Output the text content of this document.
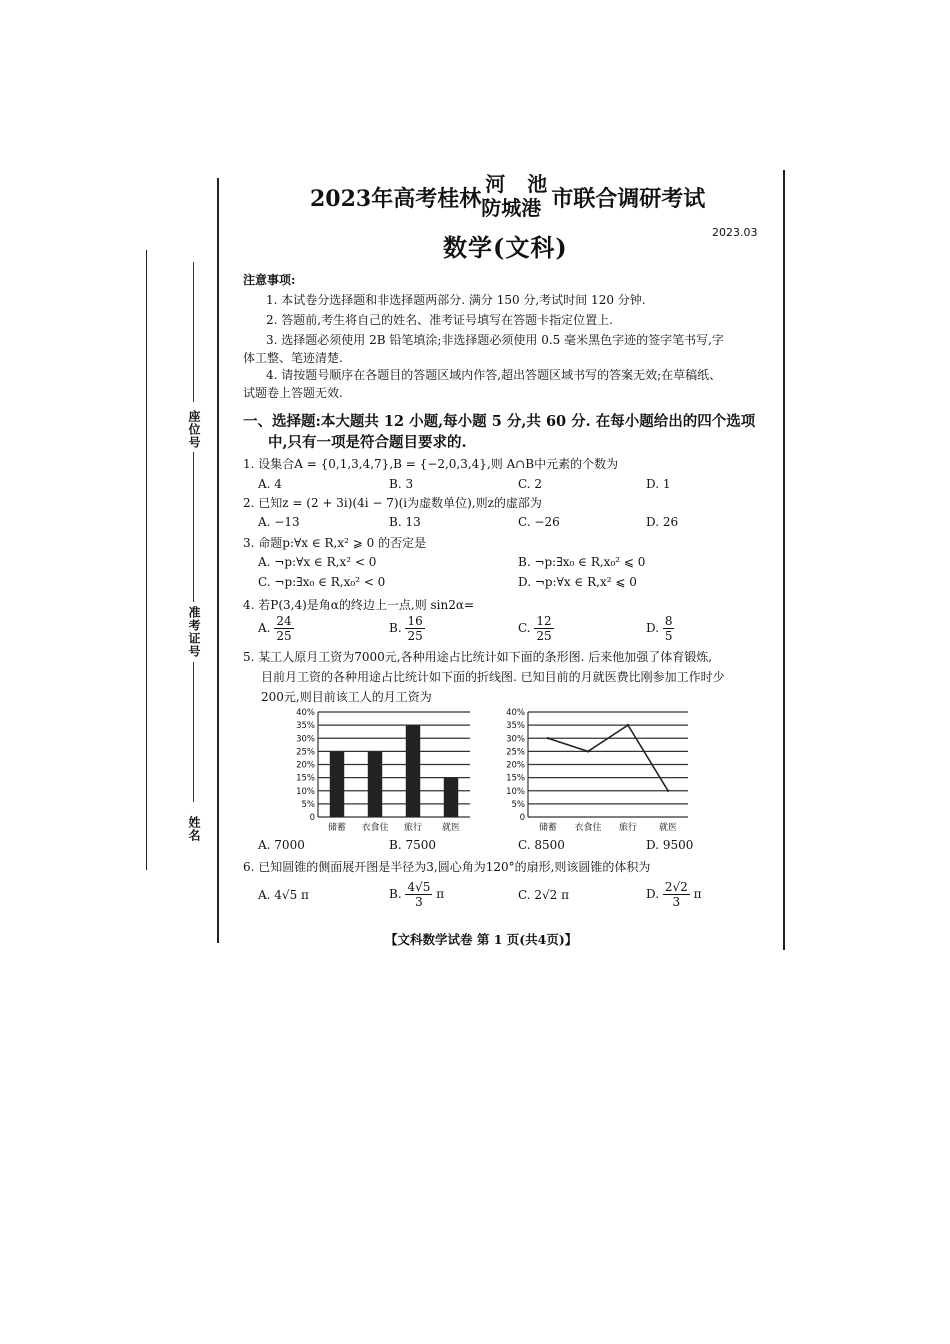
座位号
准考证号
姓名
2023年高考桂林
河 池
防城港 市联合调研考试
数学(文科)
2023.03
注意事项:
1. 本试卷分选择题和非选择题两部分. 满分 150 分,考试时间 120 分钟.
2. 答题前,考生将自己的姓名、准考证号填写在答题卡指定位置上.
3. 选择题必须使用 2B 铅笔填涂;非选择题必须使用 0.5 毫米黑色字迹的签字笔书写,字
体工整、笔迹清楚.
4. 请按题号顺序在各题目的答题区域内作答,超出答题区域书写的答案无效;在草稿纸、
试题卷上答题无效.
一、选择题:本大题共 12 小题,每小题 5 分,共 60 分. 在每小题给出的四个选项
中,只有一项是符合题目要求的.
1. 设集合A = {0,1,3,4,7},B = {−2,0,3,4},则 A∩B中元素的个数为
A. 4	B. 3	C. 2	D. 1
2. 已知z = (2 + 3i)(4i − 7)(i为虚数单位),则z的虚部为
A. −13	B. 13	C. −26	D. 26
3. 命题p:∀x ∈ R,x² ⩾ 0 的否定是
A. ¬p:∀x ∈ R,x² < 0	B. ¬p:∃x₀ ∈ R,x₀² ⩽ 0
C. ¬p:∃x₀ ∈ R,x₀² < 0	D. ¬p:∀x ∈ R,x² ⩽ 0
4. 若P(3,4)是角α的终边上一点,则 sin2α=
A. $\frac{24}{25}$	B. $\frac{16}{25}$	C. $\frac{12}{25}$	D. $\frac{8}{5}$
5. 某工人原月工资为7000元,各种用途占比统计如下面的条形图. 后来他加强了体育锻炼,
目前月工资的各种用途占比统计如下面的折线图. 已知目前的月就医费比刚参加工作时少
200元,则目前该工人的月工资为
0
5%
10%
15%
20%
25%
30%
35%
40%
储蓄 衣食住 旅行 就医
0
5%
10%
15%
20%
25%
30%
35%
40%
储蓄 衣食住 旅行 就医
A. 7000	B. 7500	C. 8500	D. 9500
6. 已知圆锥的侧面展开图是半径为3,圆心角为120°的扇形,则该圆锥的体积为
A. 4√5 π	B. $\frac{4√5}{3}$ π	C. 2√2 π	D. $\frac{2√2}{3}$ π
【文科数学试卷 第 1 页(共4页)】
